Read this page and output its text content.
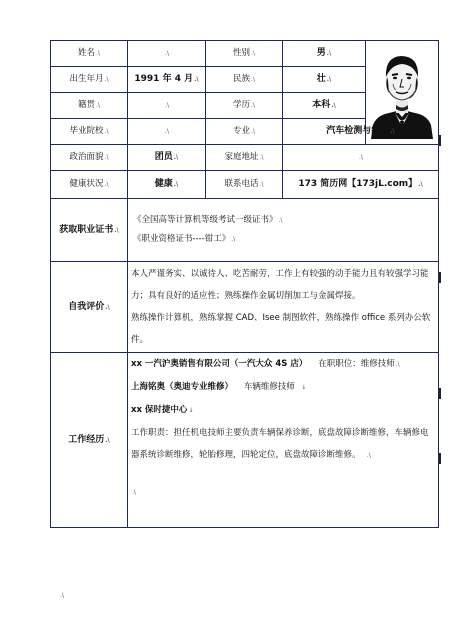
姓名.\	.\	性别.\	男.\	

出生年月.\	1991 年 4 月.\	民族.\	壮.\	
籍贯.\	.\	学历.\	本科.\	
毕业院校.\	.\	专业.\	汽车检测与维修.\	
政治面貌.\	团员.\	家庭地址.\	.\	
健康状况.\	健康.\	联系电话.\	173 简历网【173jL.com】.\	
获取职业证书.\	《全国高等计算机等级考试一级证书》.\

《职业资格证书----钳工》.\			

自我评价.\	本人严谨务实、以诚待人、吃苦耐劳，工作上有较强的动手能力且有较强学习能力；具有良好的适应性；熟练操作金属切削加工与金属焊接。

熟练操作计算机，熟练掌握 CAD、Isee 制图软件，熟练操作 office 系列办公软件。			

工作经历.\	xx 一汽沪奥销售有限公司（一汽大众 4S 店） 在职职位：维修技师.\

上海铭奥（奥迪专业维修） 车辆维修技师 ↓

xx 保时捷中心↓

工作职责：担任机电技师主要负责车辆保养诊断，底盘故障诊断维修，车辆修电器系统诊断维修，轮胎修理，四轮定位，底盘故障诊断维修。 .\

.\			

.\
